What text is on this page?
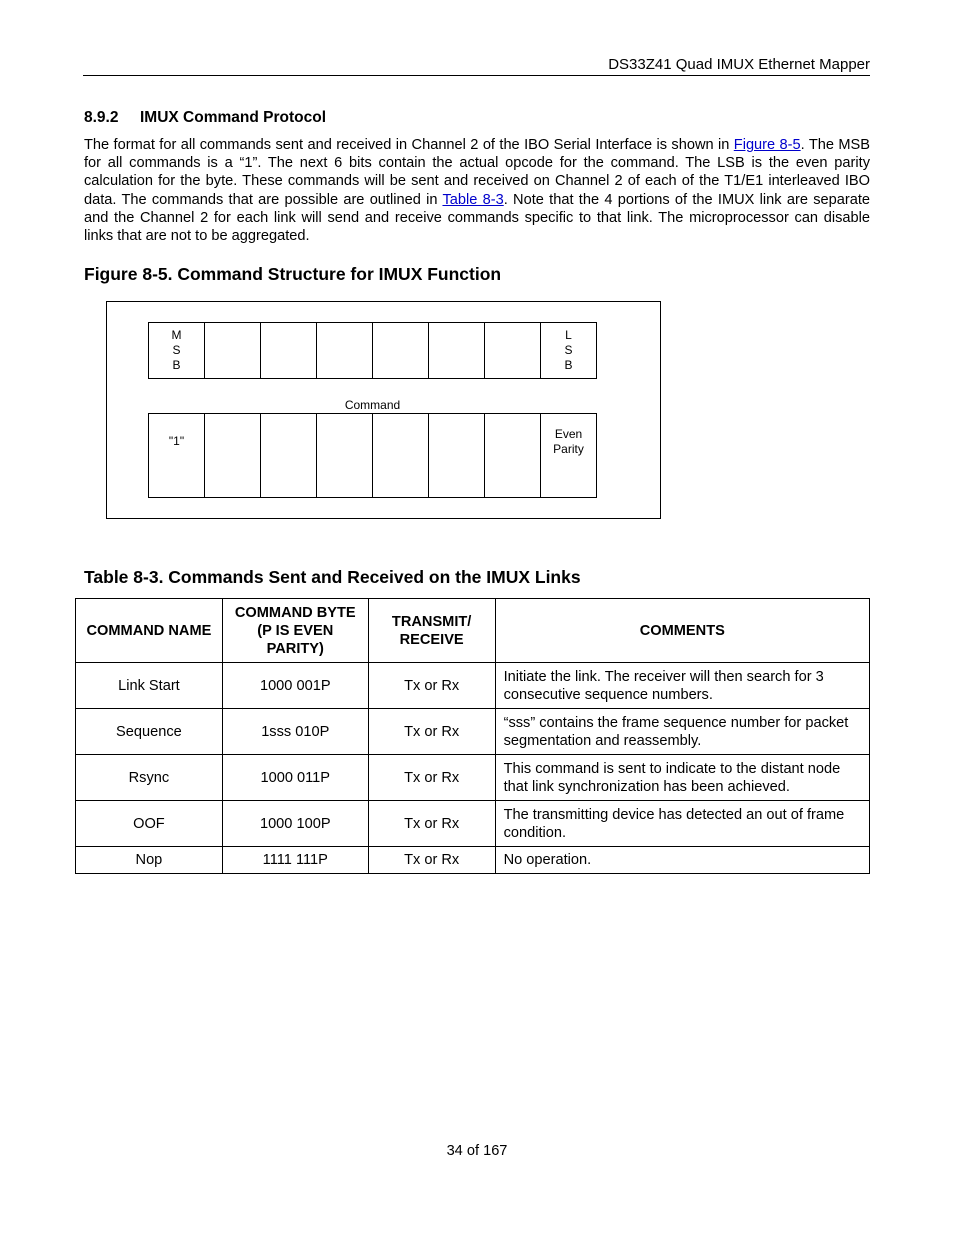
DS33Z41 Quad IMUX Ethernet Mapper
8.9.2 IMUX Command Protocol
The format for all commands sent and received in Channel 2 of the IBO Serial Interface is shown in Figure 8-5. The MSB for all commands is a “1”. The next 6 bits contain the actual opcode for the command. The LSB is the even parity calculation for the byte. These commands will be sent and received on Channel 2 of each of the T1/E1 interleaved IBO data. The commands that are possible are outlined in Table 8-3. Note that the 4 portions of the IMUX link are separate and the Channel 2 for each link will send and receive commands specific to that link. The microprocessor can disable links that are not to be aggregated.
Figure 8-5. Command Structure for IMUX Function
M
S
B
L
S
B
Command
"1"	Even
Parity
Table 8-3. Commands Sent and Received on the IMUX Links
COMMAND NAME	COMMAND BYTE (P IS EVEN PARITY)	TRANSMIT/ RECEIVE	COMMENTS
Link Start	1000 001P	Tx or Rx	Initiate the link. The receiver will then search for 3 consecutive sequence numbers.
Sequence	1sss 010P	Tx or Rx	“sss” contains the frame sequence number for packet segmentation and reassembly.
Rsync	1000 011P	Tx or Rx	This command is sent to indicate to the distant node that link synchronization has been achieved.
OOF	1000 100P	Tx or Rx	The transmitting device has detected an out of frame condition.
Nop	1111 111P	Tx or Rx	No operation.
34 of 167
